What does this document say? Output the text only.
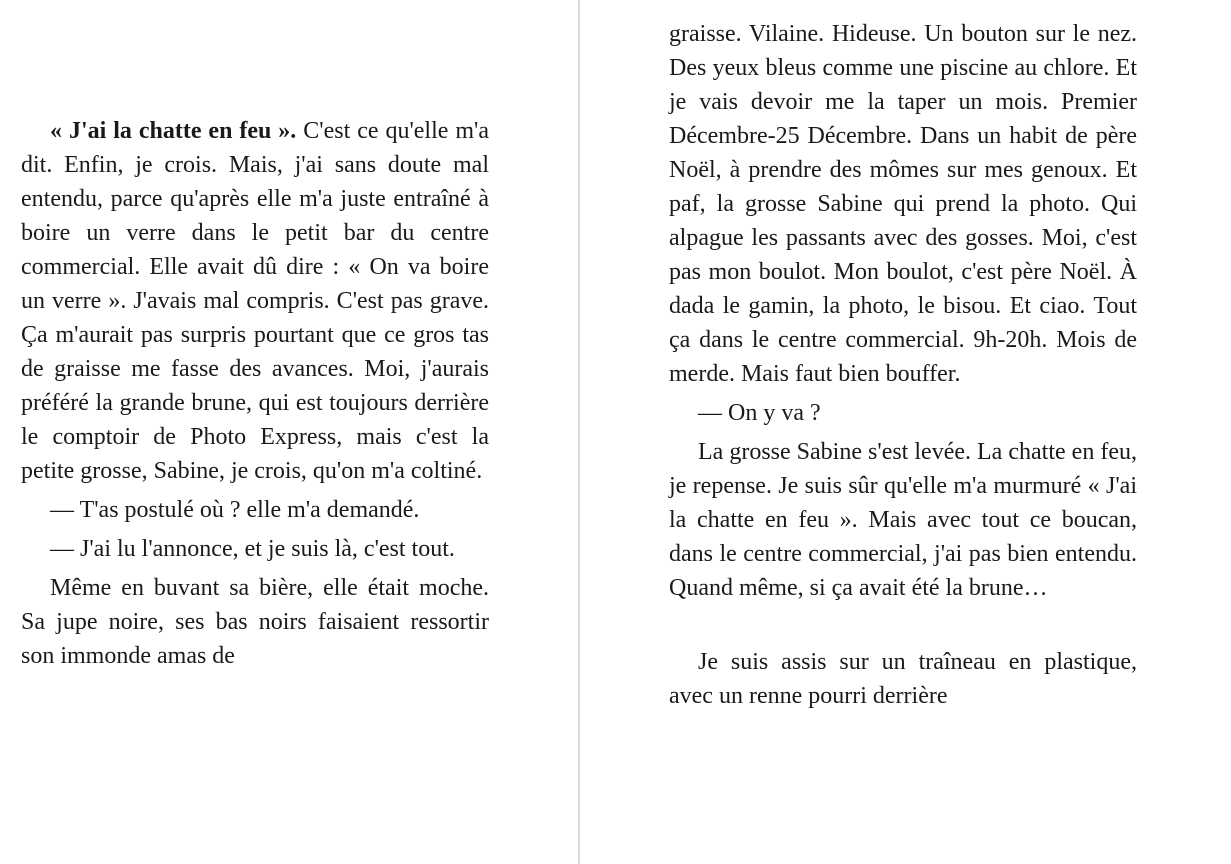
« J'ai la chatte en feu ». C'est ce qu'elle m'a dit. Enfin, je crois. Mais, j'ai sans doute mal entendu, parce qu'après elle m'a juste entraîné à boire un verre dans le petit bar du centre commercial. Elle avait dû dire : « On va boire un verre ». J'avais mal compris. C'est pas grave. Ça m'aurait pas surpris pourtant que ce gros tas de graisse me fasse des avances. Moi, j'aurais préféré la grande brune, qui est toujours derrière le comptoir de Photo Express, mais c'est la petite grosse, Sabine, je crois, qu'on m'a coltiné.

— T'as postulé où ? elle m'a demandé.

— J'ai lu l'annonce, et je suis là, c'est tout.

Même en buvant sa bière, elle était moche. Sa jupe noire, ses bas noirs faisaient ressortir son immonde amas de

graisse. Vilaine. Hideuse. Un bouton sur le nez. Des yeux bleus comme une piscine au chlore. Et je vais devoir me la taper un mois. Premier Décembre-25 Décembre. Dans un habit de père Noël, à prendre des mômes sur mes genoux. Et paf, la grosse Sabine qui prend la photo. Qui alpague les passants avec des gosses. Moi, c'est pas mon boulot. Mon boulot, c'est père Noël. À dada le gamin, la photo, le bisou. Et ciao. Tout ça dans le centre commercial. 9h-20h. Mois de merde. Mais faut bien bouffer.

— On y va ?

La grosse Sabine s'est levée. La chatte en feu, je repense. Je suis sûr qu'elle m'a murmuré « J'ai la chatte en feu ». Mais avec tout ce boucan, dans le centre commercial, j'ai pas bien entendu. Quand même, si ça avait été la brune…

Je suis assis sur un traîneau en plastique, avec un renne pourri derrière
